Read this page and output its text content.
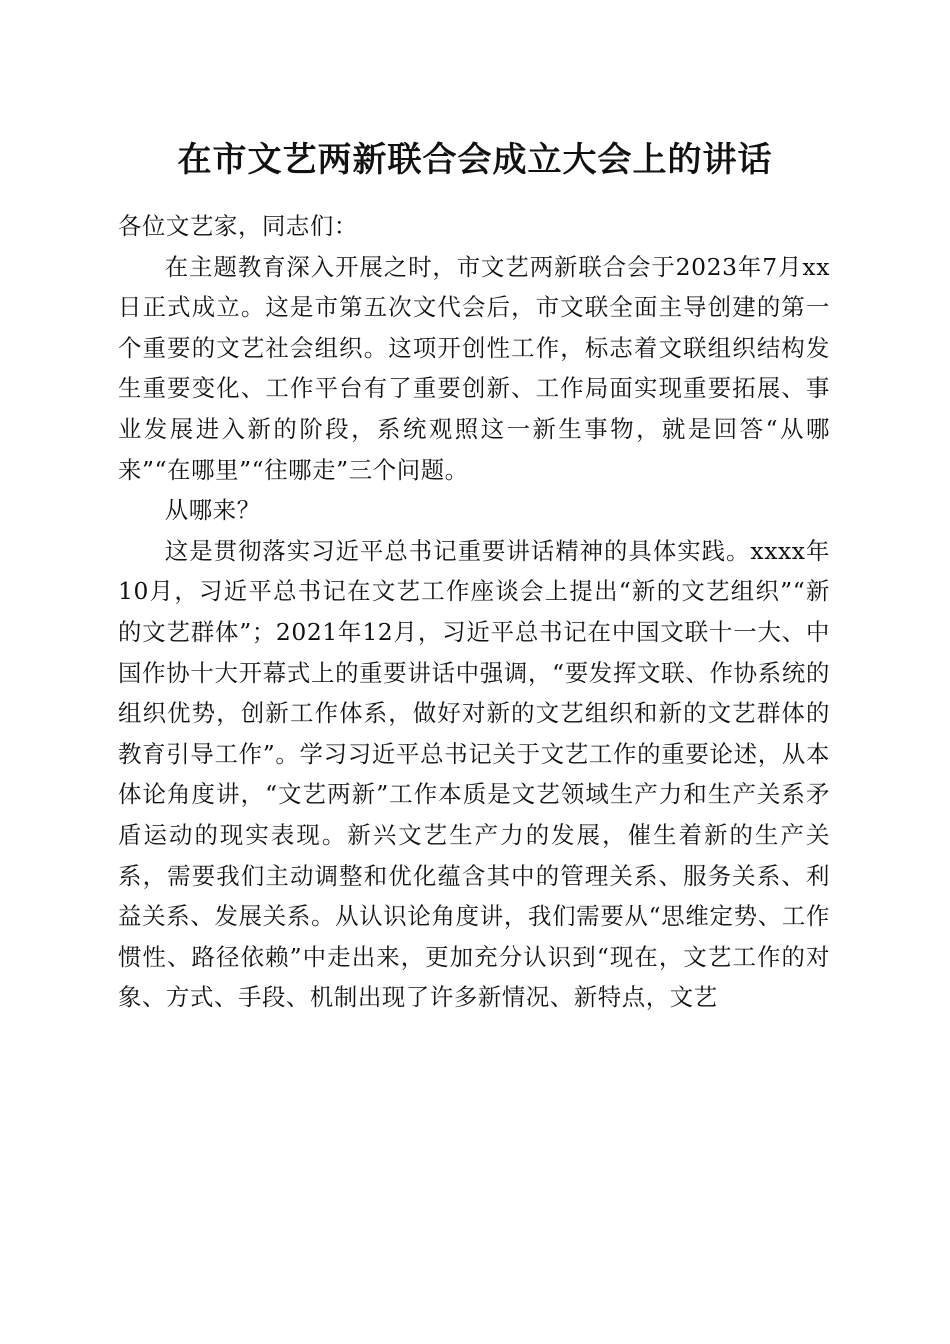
在市文艺两新联合会成立大会上的讲话

各位文艺家，同志们：

在主题教育深入开展之时，市文艺两新联合会于2023年7月xx日正式成立。这是市第五次文代会后，市文联全面主导创建的第一个重要的文艺社会组织。这项开创性工作，标志着文联组织结构发生重要变化、工作平台有了重要创新、工作局面实现重要拓展、事业发展进入新的阶段，系统观照这一新生事物，就是回答“从哪来”“在哪里”“往哪走”三个问题。

从哪来？

这是贯彻落实习近平总书记重要讲话精神的具体实践。xxxx年10月，习近平总书记在文艺工作座谈会上提出“新的文艺组织”“新的文艺群体”；2021年12月，习近平总书记在中国文联十一大、中国作协十大开幕式上的重要讲话中强调，“要发挥文联、作协系统的组织优势，创新工作体系，做好对新的文艺组织和新的文艺群体的教育引导工作”。学习习近平总书记关于文艺工作的重要论述，从本体论角度讲，“文艺两新”工作本质是文艺领域生产力和生产关系矛盾运动的现实表现。新兴文艺生产力的发展，催生着新的生产关系，需要我们主动调整和优化蕴含其中的管理关系、服务关系、利益关系、发展关系。从认识论角度讲，我们需要从“思维定势、工作惯性、路径依赖”中走出来，更加充分认识到“现在，文艺工作的对象、方式、手段、机制出现了许多新情况、新特点，文艺
